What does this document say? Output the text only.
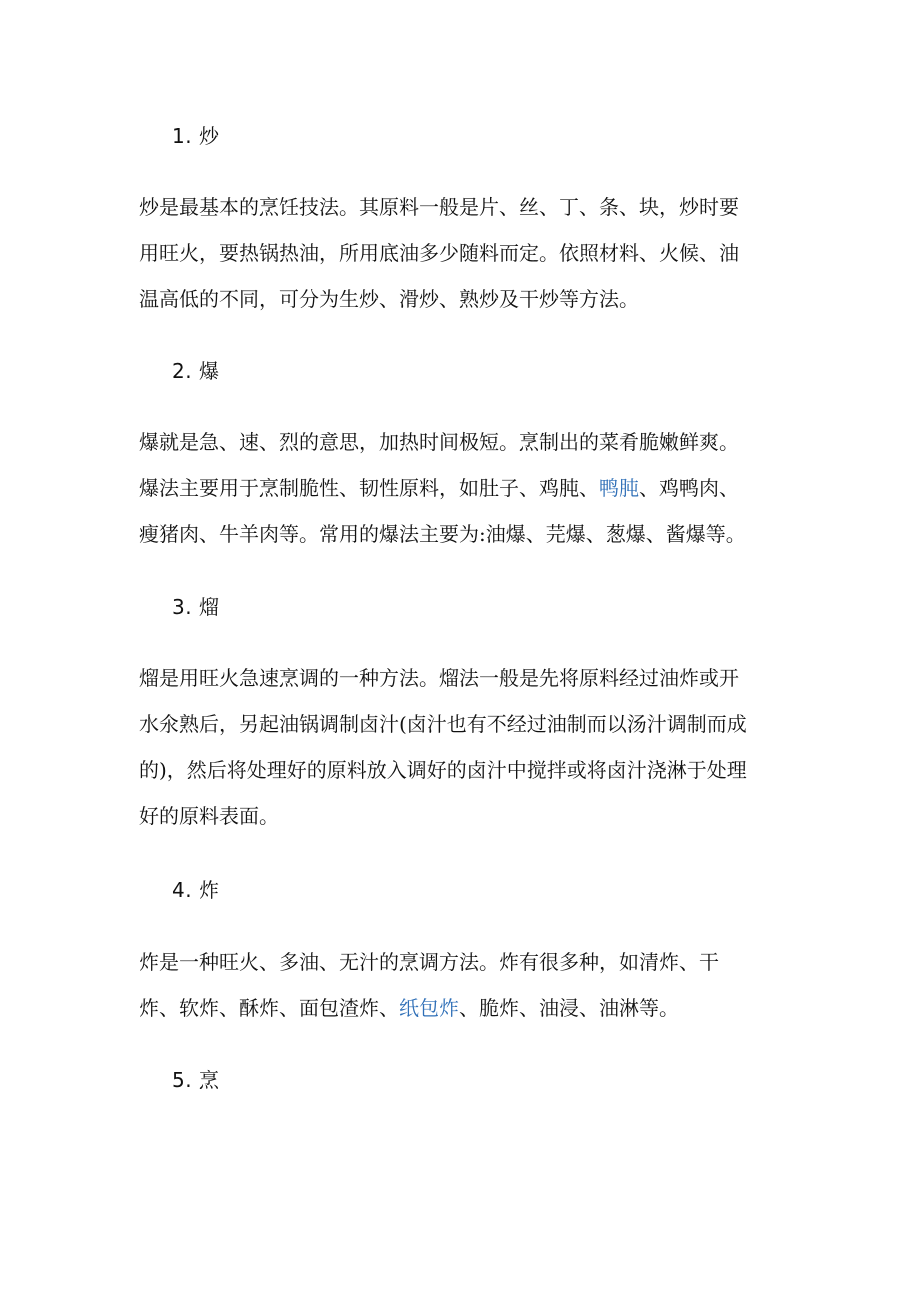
1. 炒
炒是最基本的烹饪技法。其原料一般是片、丝、丁、条、块，炒时要
用旺火，要热锅热油，所用底油多少随料而定。依照材料、火候、油
温高低的不同，可分为生炒、滑炒、熟炒及干炒等方法。
2. 爆
爆就是急、速、烈的意思，加热时间极短。烹制出的菜肴脆嫩鲜爽。
爆法主要用于烹制脆性、韧性原料，如肚子、鸡肫、鸭肫、鸡鸭肉、
瘦猪肉、牛羊肉等。常用的爆法主要为:油爆、芫爆、葱爆、酱爆等。
3. 熘
熘是用旺火急速烹调的一种方法。熘法一般是先将原料经过油炸或开
水氽熟后，另起油锅调制卤汁(卤汁也有不经过油制而以汤汁调制而成
的)，然后将处理好的原料放入调好的卤汁中搅拌或将卤汁浇淋于处理
好的原料表面。
4. 炸
炸是一种旺火、多油、无汁的烹调方法。炸有很多种，如清炸、干
炸、软炸、酥炸、面包渣炸、纸包炸、脆炸、油浸、油淋等。
5. 烹
